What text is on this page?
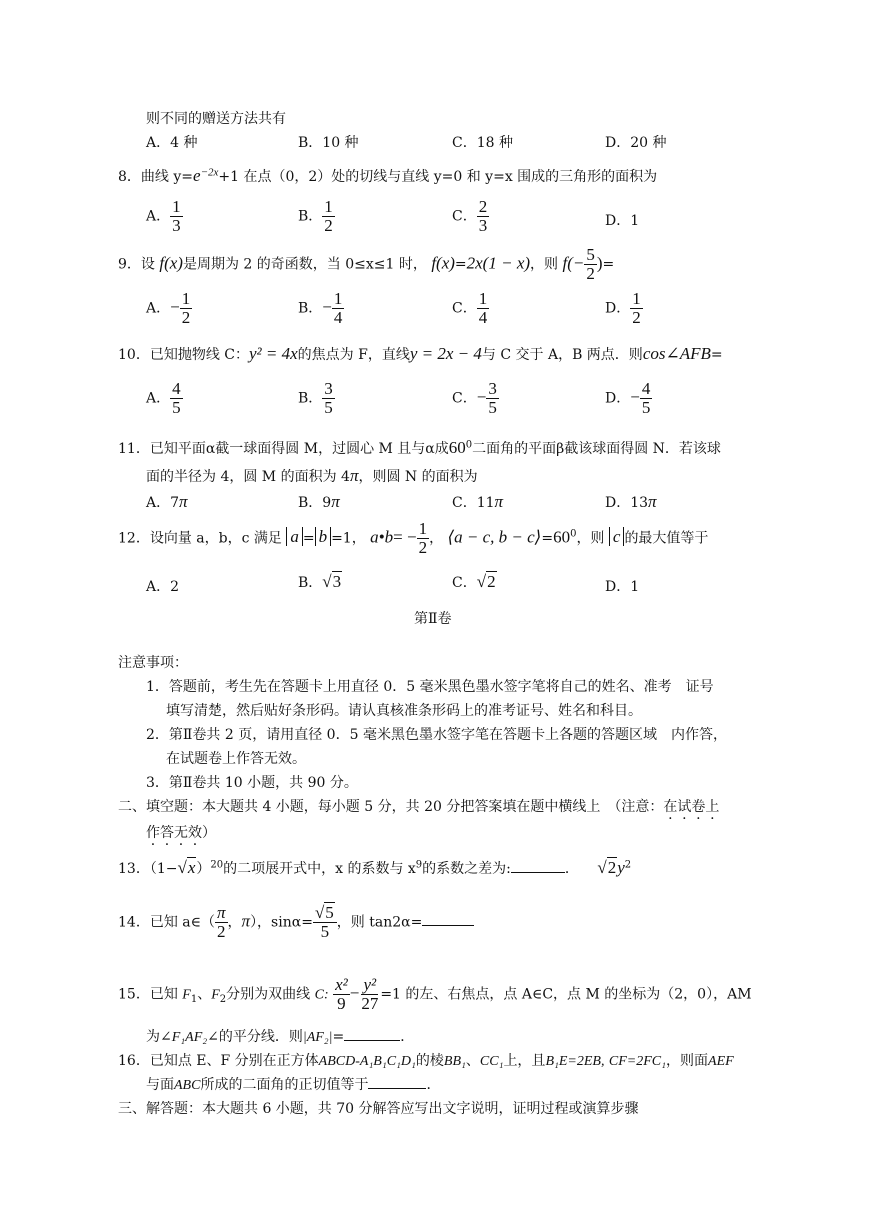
则不同的赠送方法共有
A．4 种	B．10 种	C．18 种	D．20 种
8．曲线 $y=e^{-2x}+1$ 在点（0，2）处的切线与直线 y=0 和 y=x 围成的三角形的面积为
A． $\frac{1}{3}$	B． $\frac{1}{2}$	C． $\frac{2}{3}$	D．1
9．设 f(x)是周期为 2 的奇函数，当 0≤x≤1 时， f(x)=2x(1 − x)，则 $f(- \frac{5}{2}$ )=
A．− $\frac{1}{2}$	B．− $\frac{1}{4}$	C． $\frac{1}{4}$	D． $\frac{1}{2}$
10．已知抛物线 C：y² = 4x的焦点为 F，直线y = 2x − 4与 C 交于 A，B 两点．则cos∠AFB=
A． $\frac{4}{5}$	B． $\frac{3}{5}$	C．− $\frac{3}{5}$	D．− $\frac{4}{5}$
11．已知平面α截一球面得圆 M，过圆心 M 且与α成$60^0$二面角的平面β截该球面得圆 N．若该球
面的半径为 4，圆 M 的面积为 4π，则圆 N 的面积为
A．7π	B．9π	C．11π	D．13π
12．设向量 a，b，c 满足 a = b =1， a•b= − $\frac{1}{2}$ ， ⟨a − c, $b - c⟩=60^0$，则 c 的最大值等于
A．2	B．√3	C．√2	D．1
第Ⅱ卷
注意事项：
1．答题前，考生先在答题卡上用直径 0．5 毫米黑色墨水签字笔将自己的姓名、准考　证号
填写清楚，然后贴好条形码。请认真核准条形码上的准考证号、姓名和科目。
2．第Ⅱ卷共 2 页，请用直径 0．5 毫米黑色墨水签字笔在答题卡上各题的答题区域　内作答，
在试题卷上作答无效。
3．第Ⅱ卷共 10 小题，共 90 分。
二、填空题：本大题共 4 小题，每小题 5 分，共 20 分把答案填在题中横线上　（注意：在试卷上
作答无效）
13．$(1-√x)^{20}$的二项展开式中，x 的系数与 $x^9$的系数之差为:	． $√2y^2$
14．已知 a∈（ $\frac{\pi}{2}$ ，π），$\sin\alpha= \frac{√5}{5}$ ，则 tan2α=
15．已知 $F_1$、$F_2$分别为双曲线 C: $\frac{\text{x²}}{9} - \frac{\text{y²}}{27} =1$ 的左、右焦点，点 A∈C，点 M 的坐标为（2，0），AM
为∠F₁AF₂∠的平分线．则|AF₂|=	．
16．已知点 E、F 分别在正方体ABCD-A₁B₁C₁D₁的棱BB₁、CC₁上，且B₁E=2EB, CF=2FC₁，则面AEF
与面ABC所成的二面角的正切值等于	．
三、解答题：本大题共 6 小题，共 70 分解答应写出文字说明，证明过程或演算步骤
